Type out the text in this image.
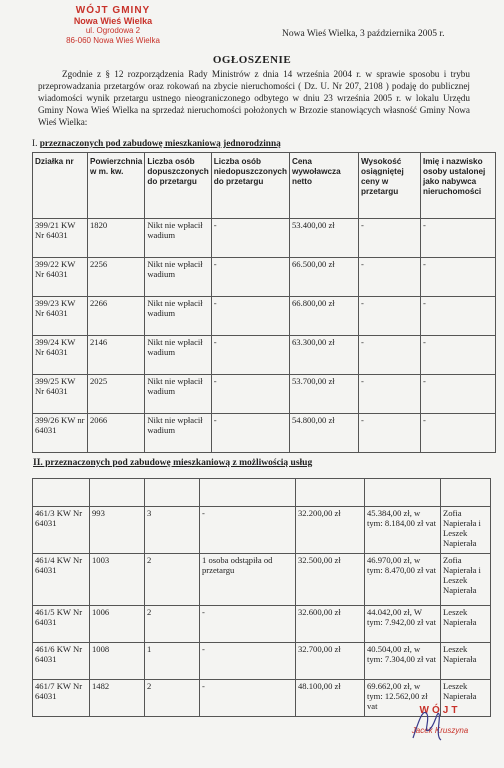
WÓJT GMINY
Nowa Wieś Wielka
ul. Ogrodowa 2
86-060 Nowa Wieś Wielka
Nowa Wieś Wielka, 3 października 2005 r.
OGŁOSZENIE

Zgodnie z § 12 rozporządzenia Rady Ministrów z dnia 14 września 2004 r. w sprawie sposobu i trybu przeprowadzania przetargów oraz rokowań na zbycie nieruchomości ( Dz. U. Nr 207, 2108 ) podaję do publicznej wiadomości wynik przetargu ustnego nieograniczonego odbytego w dniu 23 września 2005 r. w lokalu Urzędu Gminy Nowa Wieś Wielka na sprzedaż nieruchomości położonych w Brzozie stanowiących własność Gminy Nowa Wieś Wielka:

I. przeznaczonych pod zabudowę mieszkaniową jednorodzinną
Działka nr	Powierzchnia w m. kw.	Liczba osób dopuszczonych do przetargu	Liczba osób niedopuszczonych do przetargu	Cena wywoławcza netto	Wysokość osiągniętej ceny w przetargu	Imię i nazwisko osoby ustalonej jako nabywca nieruchomości
399/21 KW Nr 64031	1820	Nikt nie wpłacił wadium	-	53.400,00 zł	-	-
399/22 KW Nr 64031	2256	Nikt nie wpłacił wadium	-	66.500,00 zł	-	-
399/23 KW Nr 64031	2266	Nikt nie wpłacił wadium	-	66.800,00 zł	-	-
399/24 KW Nr 64031	2146	Nikt nie wpłacił wadium	-	63.300,00 zł	-	-
399/25 KW Nr 64031	2025	Nikt nie wpłacił wadium	-	53.700,00 zł	-	-
399/26 KW nr 64031	2066	Nikt nie wpłacił wadium	-	54.800,00 zł	-	-
II. przeznaczonych pod zabudowę mieszkaniową z możliwością usług

461/3 KW Nr 64031	993	3	-	32.200,00 zł	45.384,00 zł, w tym: 8.184,00 zł vat	Zofia Napierała i Leszek Napierała
461/4 KW Nr 64031	1003	2	1 osoba odstąpiła od przetargu	32.500,00 zł	46.970,00 zł, w tym: 8.470,00 zł vat	Zofia Napierała i Leszek Napierała
461/5 KW Nr 64031	1006	2	-	32.600,00 zł	44.042,00 zł, W tym: 7.942,00 zł vat	Leszek Napierała
461/6 KW Nr 64031	1008	1	-	32.700,00 zł	40.504,00 zł, w tym: 7.304,00 zł vat	Leszek Napierała
461/7 KW Nr 64031	1482	2	-	48.100,00 zł	69.662,00 zł, w tym: 12.562,00 zł vat	Leszek Napierała
WÓJT
Jacek Kruszyna
